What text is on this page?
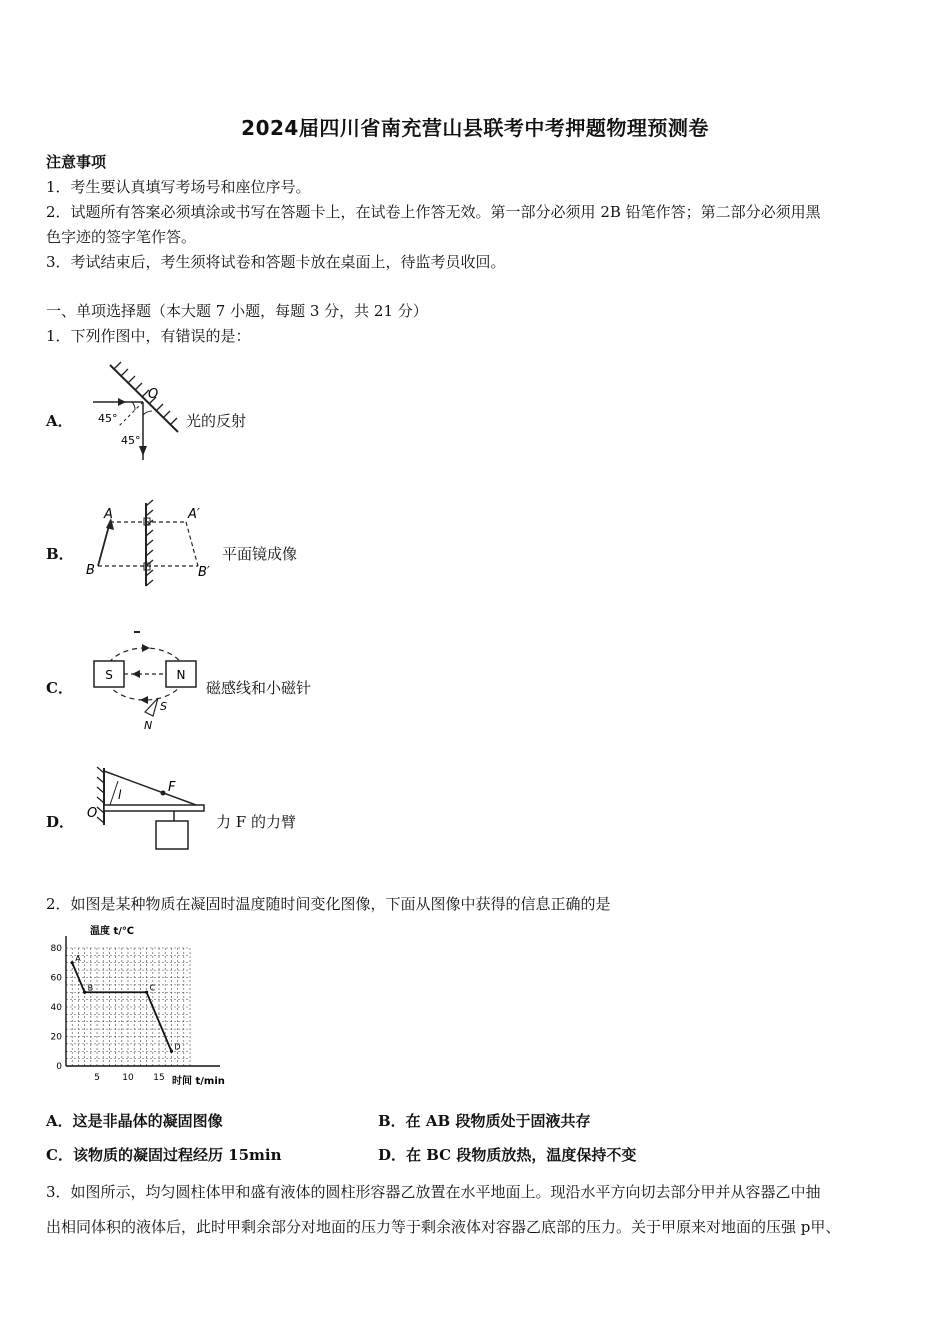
2024届四川省南充营山县联考中考押题物理预测卷
注意事项
1．考生要认真填写考场号和座位序号。
2．试题所有答案必须填涂或书写在答题卡上，在试卷上作答无效。第一部分必须用 2B 铅笔作答；第二部分必须用黑
色字迹的签字笔作答。
3．考试结束后，考生须将试卷和答题卡放在桌面上，待监考员收回。
一、单项选择题（本大题 7 小题，每题 3 分，共 21 分）
1．下列作图中，有错误的是：
A． 45°
45°
O
光的反射
B．
A	A′
B	B′
平面镜成像
C．
S	N
S
N
磁感线和小磁针
D． O
l	F
力 F 的力臂
2．如图是某种物质在凝固时温度随时间变化图像，下面从图像中获得的信息正确的是
0
20
40
60
80
5 10 15
A
B	C
D
温度 t/℃
时间 t/min
A．这是非晶体的凝固图像	B．在 AB 段物质处于固液共存
C．该物质的凝固过程经历 15min	D．在 BC 段物质放热，温度保持不变
3．如图所示，均匀圆柱体甲和盛有液体的圆柱形容器乙放置在水平地面上。现沿水平方向切去部分甲并从容器乙中抽
出相同体积的液体后，此时甲剩余部分对地面的压力等于剩余液体对容器乙底部的压力。关于甲原来对地面的压强 p甲、
